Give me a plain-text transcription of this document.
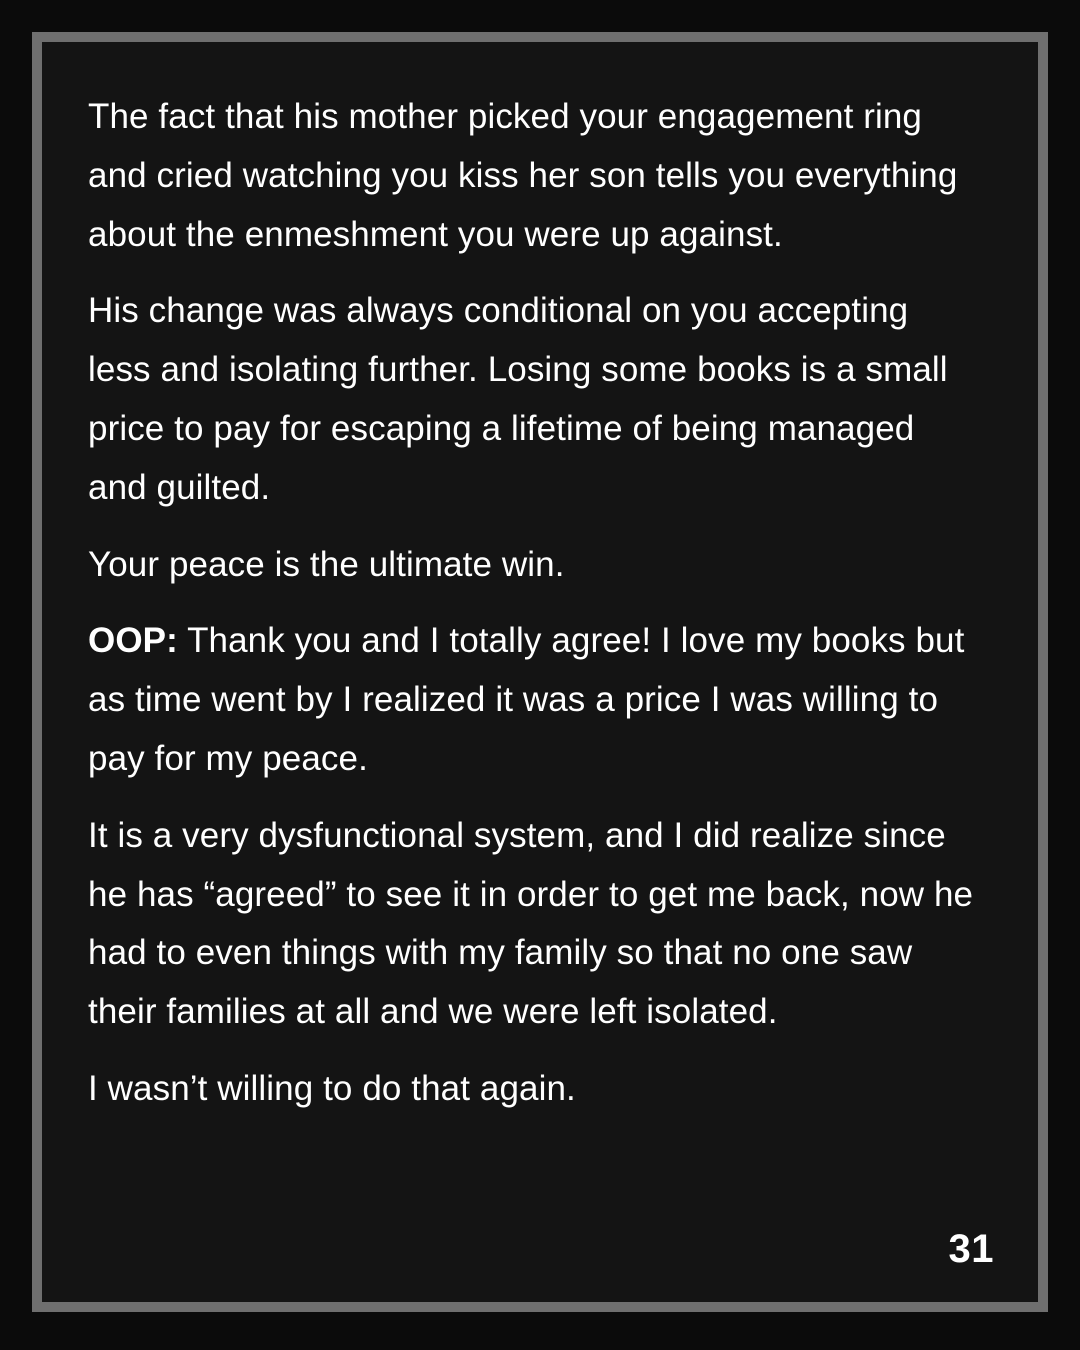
The fact that his mother picked your engagement ring and cried watching you kiss her son tells you everything about the enmeshment you were up against.

His change was always conditional on you accepting less and isolating further. Losing some books is a small price to pay for escaping a lifetime of being managed and guilted.

Your peace is the ultimate win.

OOP: Thank you and I totally agree! I love my books but as time went by I realized it was a price I was willing to pay for my peace.

It is a very dysfunctional system, and I did realize since he has “agreed” to see it in order to get me back, now he had to even things with my family so that no one saw their families at all and we were left isolated.

I wasn’t willing to do that again.

31
